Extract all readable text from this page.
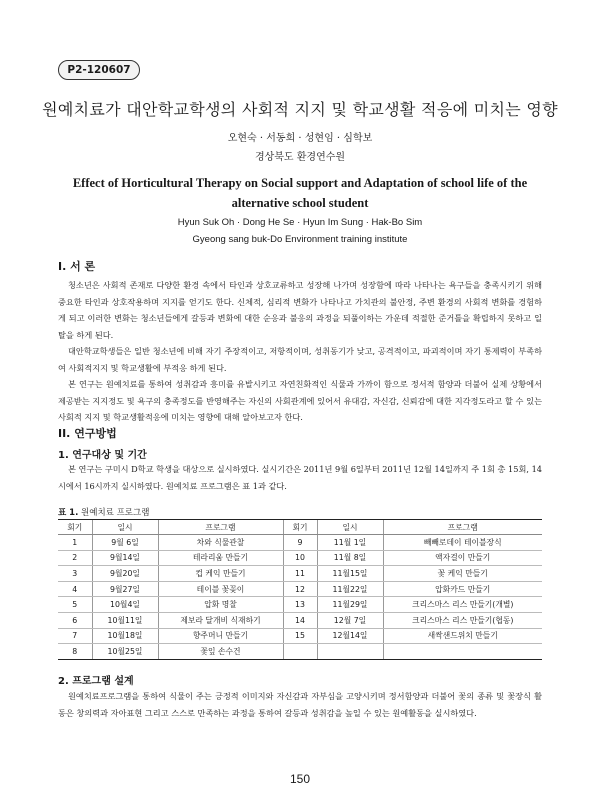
P2-120607
원예치료가 대안학교학생의 사회적 지지 및 학교생활 적응에 미치는 영향
오현숙 · 서동희 · 성현임 · 심학보
경상북도 환경연수원
Effect of Horticultural Therapy on Social support and Adaptation of school life of the
alternative school student
Hyun Suk Oh · Dong He Se · Hyun Im Sung · Hak-Bo Sim
Gyeong sang buk-Do Environment training institute
I. 서 론

청소년은 사회적 존재로 다양한 환경 속에서 타인과 상호교류하고 성장해 나가며 성장함에 따라 나타나는 욕구들을 충족시키기 위해 중요한 타인과 상호작용하며 지지를 얻기도 한다. 신체적, 심리적 변화가 나타나고 가치관의 불안정, 주변 환경의 사회적 변화를 경험하게 되고 이러한 변화는 청소년들에게 갈등과 변화에 대한 순응과 불응의 과정을 되풀이하는 가운데 적절한 준거틀을 확립하지 못하고 일탈을 하게 된다.

대안학교학생들은 일반 청소년에 비해 자기 주장적이고, 저항적이며, 성취동기가 낮고, 공격적이고, 파괴적이며 자기 통제력이 부족하여 사회적지지 및 학교생활에 부적응 하게 된다.

본 연구는 원예치료를 통하여 성취감과 흥미를 유발시키고 자연친화적인 식물과 가까이 함으로 정서적 함양과 더불어 실제 상황에서 제공받는 지지정도 및 욕구의 충족정도를 반영해주는 자신의 사회관계에 있어서 유대감, 자신감, 신뢰감에 대한 지각정도라고 할 수 있는 사회적 지지 및 학교생활적응에 미치는 영향에 대해 알아보고자 한다.

II. 연구방법
1. 연구대상 및 기간

본 연구는 구미시 D학교 학생을 대상으로 실시하였다. 실시기간은 2011년 9월 6일부터 2011년 12월 14일까지 주 1회 총 15회, 14시에서 16시까지 실시하였다. 원예치료 프로그램은 표 1과 같다.

표 1. 원예치료 프로그램
회기	일시	프로그램	회기	일시	프로그램
1	9월 6일	차와 식물관찰	9	11월 1일	빼빼로데이 테이블장식
2	9월14일	테라리움 만들기	10	11월 8일	액자걸이 만들기
3	9월20일	컵 케익 만들기	11	11월15일	꽃 케익 만들기
4	9월27일	테이블 꽃꽂이	12	11월22일	압화카드 만들기
5	10월4일	압화 명찰	13	11월29일	크리스마스 리스 만들기(개별)
6	10월11일	제보라 달개비 식재하기	14	12월 7일	크리스마스 리스 만들기(협동)
7	10월18일	향주머니 만들기	15	12월14일	새싹샌드위치 만들기
8	10월25일	꽃잎 손수건			
2. 프로그램 설계

원예치료프로그램을 통하여 식물이 주는 긍정적 이미지와 자신감과 자부심을 고양시키며 정서함양과 더불어 꽃의 종류 및 꽃장식 활동은 창의력과 자아표현 그리고 스스로 만족하는 과정을 통하여 갈등과 성취감을 높일 수 있는 원예활동을 실시하였다.

150
